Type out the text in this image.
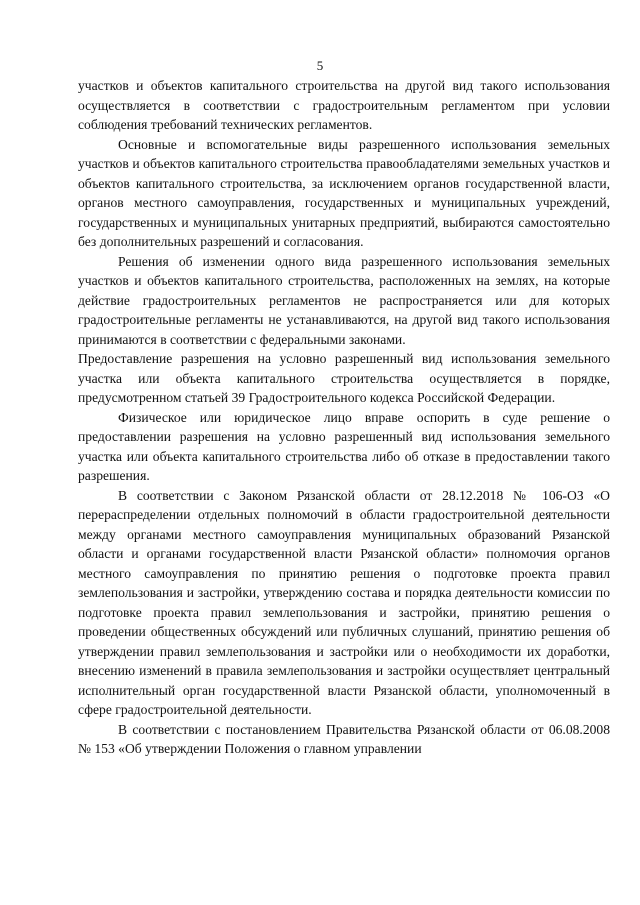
5

участков и объектов капитального строительства на другой вид такого использования осуществляется в соответствии с градостроительным регламентом при условии соблюдения требований технических регламентов.

Основные и вспомогательные виды разрешенного использования земельных участков и объектов капитального строительства правообладателями земельных участков и объектов капитального строительства, за исключением органов государственной власти, органов местного самоуправления, государственных и муниципальных учреждений, государственных и муниципальных унитарных предприятий, выбираются самостоятельно без дополнительных разрешений и согласования.

Решения об изменении одного вида разрешенного использования земельных участков и объектов капитального строительства, расположенных на землях, на которые действие градостроительных регламентов не распространяется или для которых градостроительные регламенты не устанавливаются, на другой вид такого использования принимаются в соответствии с федеральными законами.

Предоставление разрешения на условно разрешенный вид использования земельного участка или объекта капитального строительства осуществляется в порядке, предусмотренном статьей 39 Градостроительного кодекса Российской Федерации.

Физическое или юридическое лицо вправе оспорить в суде решение о предоставлении разрешения на условно разрешенный вид использования земельного участка или объекта капитального строительства либо об отказе в предоставлении такого разрешения.

В соответствии с Законом Рязанской области от 28.12.2018 № 106-ОЗ «О перераспределении отдельных полномочий в области градостроительной деятельности между органами местного самоуправления муниципальных образований Рязанской области и органами государственной власти Рязанской области» полномочия органов местного самоуправления по принятию решения о подготовке проекта правил землепользования и застройки, утверждению состава и порядка деятельности комиссии по подготовке проекта правил землепользования и застройки, принятию решения о проведении общественных обсуждений или публичных слушаний, принятию решения об утверждении правил землепользования и застройки или о необходимости их доработки, внесению изменений в правила землепользования и застройки осуществляет центральный исполнительный орган государственной власти Рязанской области, уполномоченный в сфере градостроительной деятельности.

В соответствии с постановлением Правительства Рязанской области от 06.08.2008 № 153 «Об утверждении Положения о главном управлении
